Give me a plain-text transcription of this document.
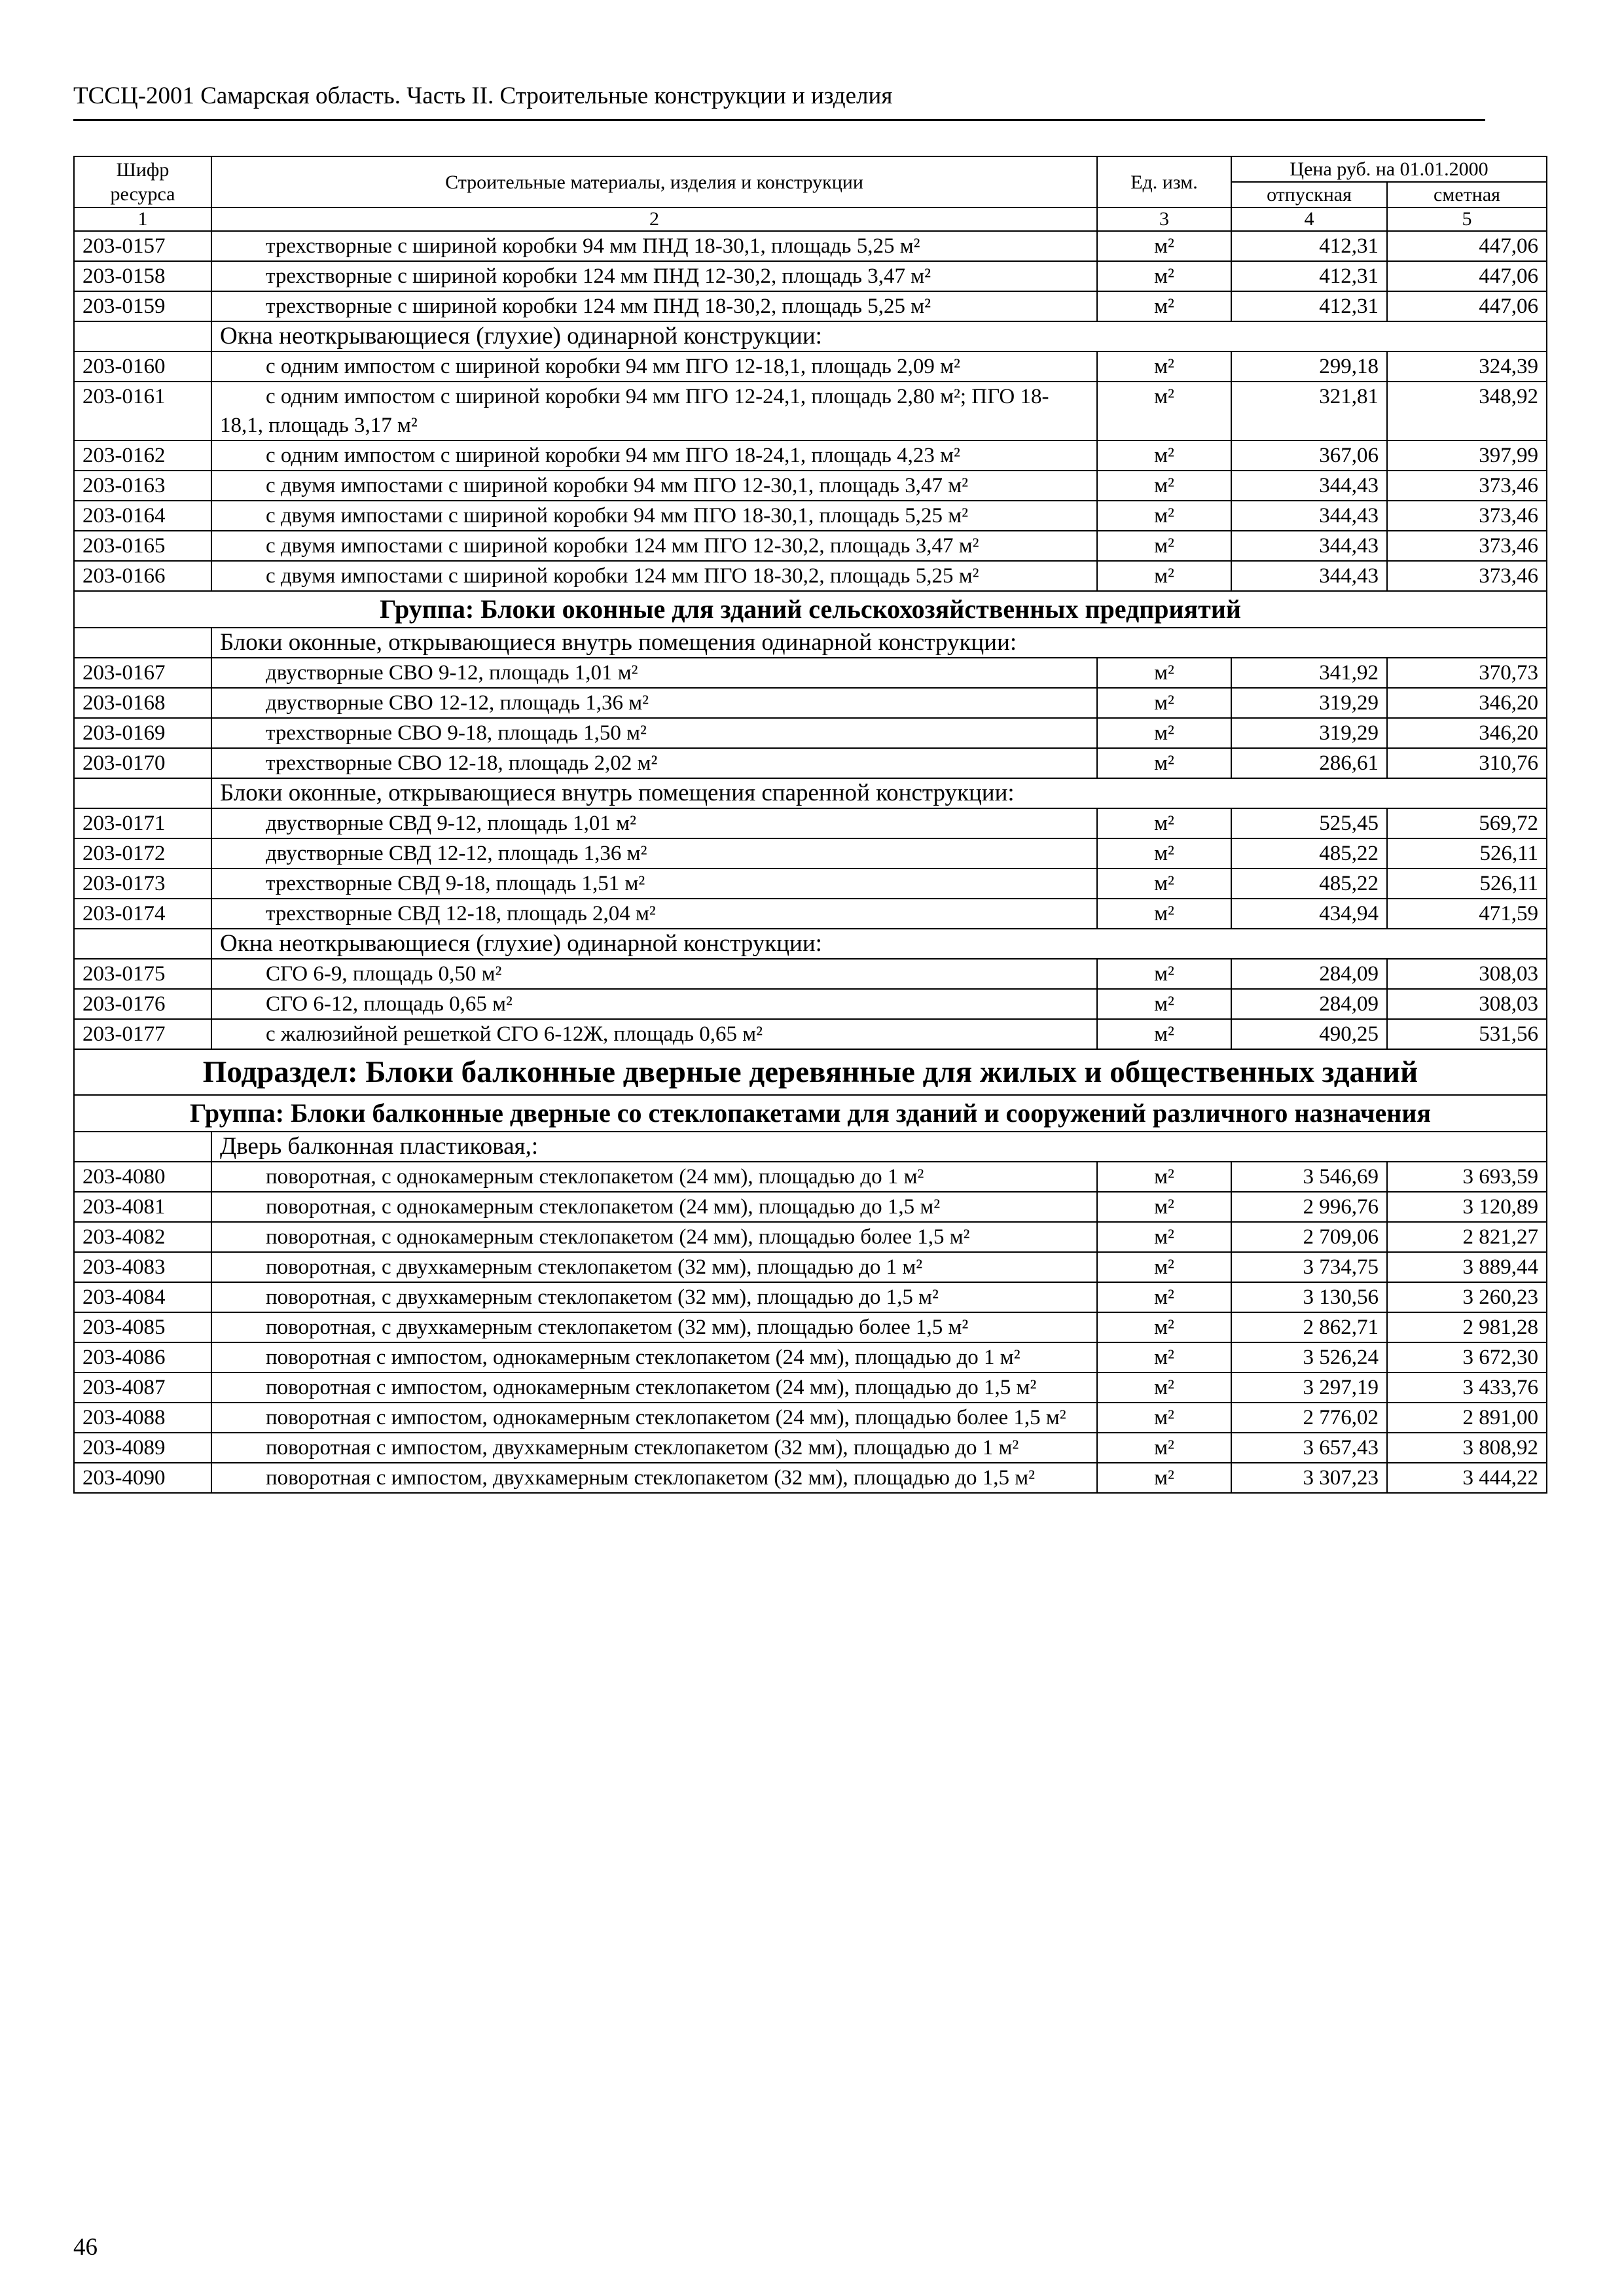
ТССЦ-2001 Самарская область. Часть II. Строительные конструкции и изделия
Шифр ресурса	Строительные материалы, изделия и конструкции	Ед. изм.	Цена руб. на 01.01.2000	
			отпускная	сметная
1	2	3	4	5
203-0157	трехстворные с шириной коробки 94 мм ПНД 18-30,1, площадь 5,25 м²	м²	412,31	447,06
203-0158	трехстворные с шириной коробки 124 мм ПНД 12-30,2, площадь 3,47 м²	м²	412,31	447,06
203-0159	трехстворные с шириной коробки 124 мм ПНД 18-30,2, площадь 5,25 м²	м²	412,31	447,06
	Окна неоткрывающиеся (глухие) одинарной конструкции:			
203-0160	с одним импостом с шириной коробки 94 мм ПГО 12-18,1, площадь 2,09 м²	м²	299,18	324,39
203-0161	с одним импостом с шириной коробки 94 мм ПГО 12-24,1, площадь 2,80 м²; ПГО 18-18,1, площадь 3,17 м²	м²	321,81	348,92
203-0162	с одним импостом с шириной коробки 94 мм ПГО 18-24,1, площадь 4,23 м²	м²	367,06	397,99
203-0163	с двумя импостами с шириной коробки 94 мм ПГО 12-30,1, площадь 3,47 м²	м²	344,43	373,46
203-0164	с двумя импостами с шириной коробки 94 мм ПГО 18-30,1, площадь 5,25 м²	м²	344,43	373,46
203-0165	с двумя импостами с шириной коробки 124 мм ПГО 12-30,2, площадь 3,47 м²	м²	344,43	373,46
203-0166	с двумя импостами с шириной коробки 124 мм ПГО 18-30,2, площадь 5,25 м²	м²	344,43	373,46
Группа: Блоки оконные для зданий сельскохозяйственных предприятий				
	Блоки оконные, открывающиеся внутрь помещения одинарной конструкции:			
203-0167	двустворные СВО 9-12, площадь 1,01 м²	м²	341,92	370,73
203-0168	двустворные СВО 12-12, площадь 1,36 м²	м²	319,29	346,20
203-0169	трехстворные СВО 9-18, площадь 1,50 м²	м²	319,29	346,20
203-0170	трехстворные СВО 12-18, площадь 2,02 м²	м²	286,61	310,76
	Блоки оконные, открывающиеся внутрь помещения спаренной конструкции:			
203-0171	двустворные СВД 9-12, площадь 1,01 м²	м²	525,45	569,72
203-0172	двустворные СВД 12-12, площадь 1,36 м²	м²	485,22	526,11
203-0173	трехстворные СВД 9-18, площадь 1,51 м²	м²	485,22	526,11
203-0174	трехстворные СВД 12-18, площадь 2,04 м²	м²	434,94	471,59
	Окна неоткрывающиеся (глухие) одинарной конструкции:			
203-0175	СГО 6-9, площадь 0,50 м²	м²	284,09	308,03
203-0176	СГО 6-12, площадь 0,65 м²	м²	284,09	308,03
203-0177	с жалюзийной решеткой СГО 6-12Ж, площадь 0,65 м²	м²	490,25	531,56
Подраздел: Блоки балконные дверные деревянные для жилых и общественных зданий				
Группа: Блоки балконные дверные со стеклопакетами для зданий и сооружений различного назначения				
	Дверь балконная пластиковая,:			
203-4080	поворотная, с однокамерным стеклопакетом (24 мм), площадью до 1 м²	м²	3 546,69	3 693,59
203-4081	поворотная, с однокамерным стеклопакетом (24 мм), площадью до 1,5 м²	м²	2 996,76	3 120,89
203-4082	поворотная, с однокамерным стеклопакетом (24 мм), площадью более 1,5 м²	м²	2 709,06	2 821,27
203-4083	поворотная, с двухкамерным стеклопакетом (32 мм), площадью до 1 м²	м²	3 734,75	3 889,44
203-4084	поворотная, с двухкамерным стеклопакетом (32 мм), площадью до 1,5 м²	м²	3 130,56	3 260,23
203-4085	поворотная, с двухкамерным стеклопакетом (32 мм), площадью более 1,5 м²	м²	2 862,71	2 981,28
203-4086	поворотная с импостом, однокамерным стеклопакетом (24 мм), площадью до 1 м²	м²	3 526,24	3 672,30
203-4087	поворотная с импостом, однокамерным стеклопакетом (24 мм), площадью до 1,5 м²	м²	3 297,19	3 433,76
203-4088	поворотная с импостом, однокамерным стеклопакетом (24 мм), площадью более 1,5 м²	м²	2 776,02	2 891,00
203-4089	поворотная с импостом, двухкамерным стеклопакетом (32 мм), площадью до 1 м²	м²	3 657,43	3 808,92
203-4090	поворотная с импостом, двухкамерным стеклопакетом (32 мм), площадью до 1,5 м²	м²	3 307,23	3 444,22
46
